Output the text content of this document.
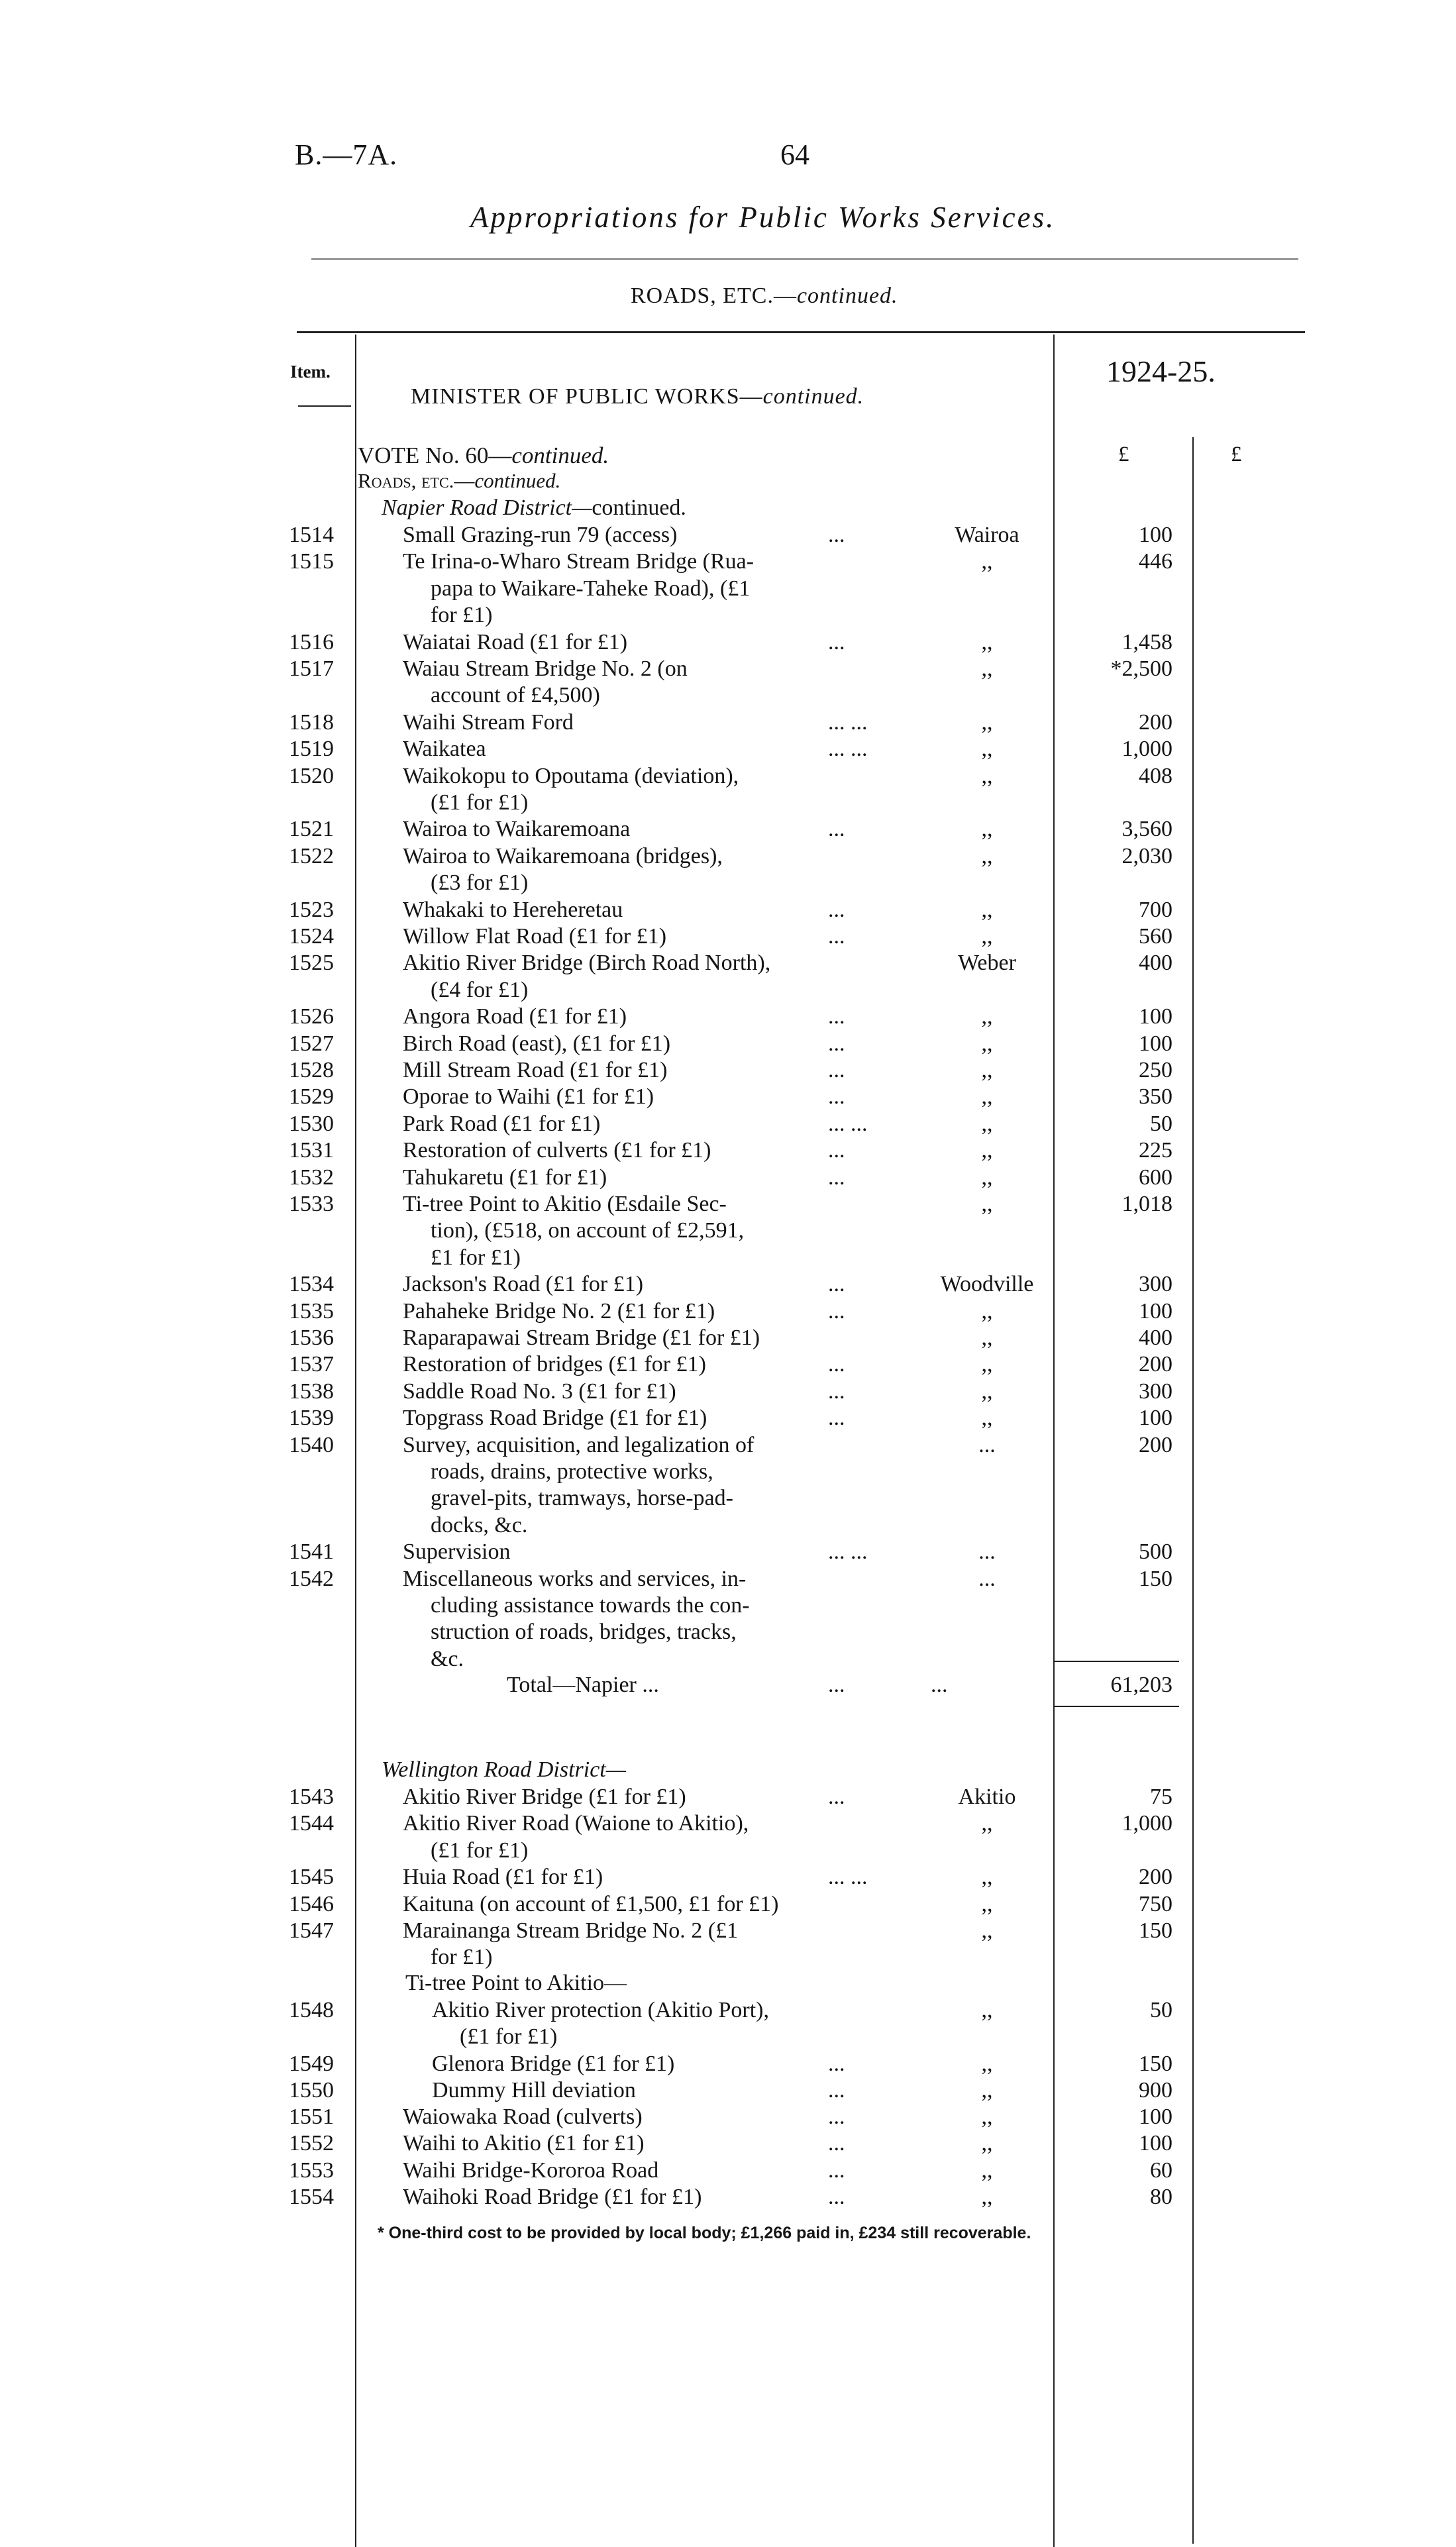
B.—7A.	64
Appropriations for Public Works Services.
ROADS, ETC.—continued.
Item.	1924-25.
MINISTER OF PUBLIC WORKS—continued.
£	£
VOTE No. 60—continued.
Roads, etc.—continued.
Napier Road District—continued.
1514	Small Grazing-run 79 (access)	...	Wairoa	100
1515	Te Irina-o-Wharo Stream Bridge (Rua-
papa to Waikare-Taheke Road), (£1
for £1)
,,	446
1516	Waiatai Road (£1 for £1)	...	,,	1,458
1517	Waiau Stream Bridge No. 2 (on
account of £4,500)
,,	*2,500
1518	Waihi Stream Ford	... ...	,,	200
1519	Waikatea	... ...	,,	1,000
1520	Waikokopu to Opoutama (deviation),
(£1 for £1)
,,	408
1521	Wairoa to Waikaremoana	...	,,	3,560
1522	Wairoa to Waikaremoana (bridges),
(£3 for £1)
,,	2,030
1523	Whakaki to Hereheretau	...	,,	700
1524	Willow Flat Road (£1 for £1)	...	,,	560
1525	Akitio River Bridge (Birch Road North),
(£4 for £1)
Weber	400
1526	Angora Road (£1 for £1)	...	,,	100
1527	Birch Road (east), (£1 for £1)	...	,,	100
1528	Mill Stream Road (£1 for £1)	...	,,	250
1529	Oporae to Waihi (£1 for £1)	...	,,	350
1530	Park Road (£1 for £1)	... ...	,,	50
1531	Restoration of culverts (£1 for £1)	...	,,	225
1532	Tahukaretu (£1 for £1)	...	,,	600
1533	Ti-tree Point to Akitio (Esdaile Sec-
tion), (£518, on account of £2,591,
£1 for £1)
,,	1,018
1534	Jackson's Road (£1 for £1)	...	Woodville	300
1535	Pahaheke Bridge No. 2 (£1 for £1)	...	,,	100
1536	Raparapawai Stream Bridge (£1 for £1)	,,	400
1537	Restoration of bridges (£1 for £1)	...	,,	200
1538	Saddle Road No. 3 (£1 for £1)	...	,,	300
1539	Topgrass Road Bridge (£1 for £1)	...	,,	100
1540	Survey, acquisition, and legalization of
roads, drains, protective works,
gravel-pits, tramways, horse-pad-
docks, &c.
...	200
1541	Supervision	... ...	...	500
1542	Miscellaneous works and services, in-
cluding assistance towards the con-
struction of roads, bridges, tracks,
&c.
...	150
Total—Napier ...	...	...	61,203
Wellington Road District—
1543	Akitio River Bridge (£1 for £1)	...	Akitio	75
1544	Akitio River Road (Waione to Akitio),
(£1 for £1)
,,	1,000
1545	Huia Road (£1 for £1)	... ...	,,	200
1546	Kaituna (on account of £1,500, £1 for £1)	,,	750
1547	Marainanga Stream Bridge No. 2 (£1
for £1)
,,	150
Ti-tree Point to Akitio—
1548	Akitio River protection (Akitio Port),
(£1 for £1)
,,	50
1549	Glenora Bridge (£1 for £1)	...	,,	150
1550	Dummy Hill deviation	...	,,	900
1551	Waiowaka Road (culverts)	...	,,	100
1552	Waihi to Akitio (£1 for £1)	...	,,	100
1553	Waihi Bridge-Kororoa Road	...	,,	60
1554	Waihoki Road Bridge (£1 for £1)	...	,,	80
* One-third cost to be provided by local body; £1,266 paid in, £234 still recoverable.
